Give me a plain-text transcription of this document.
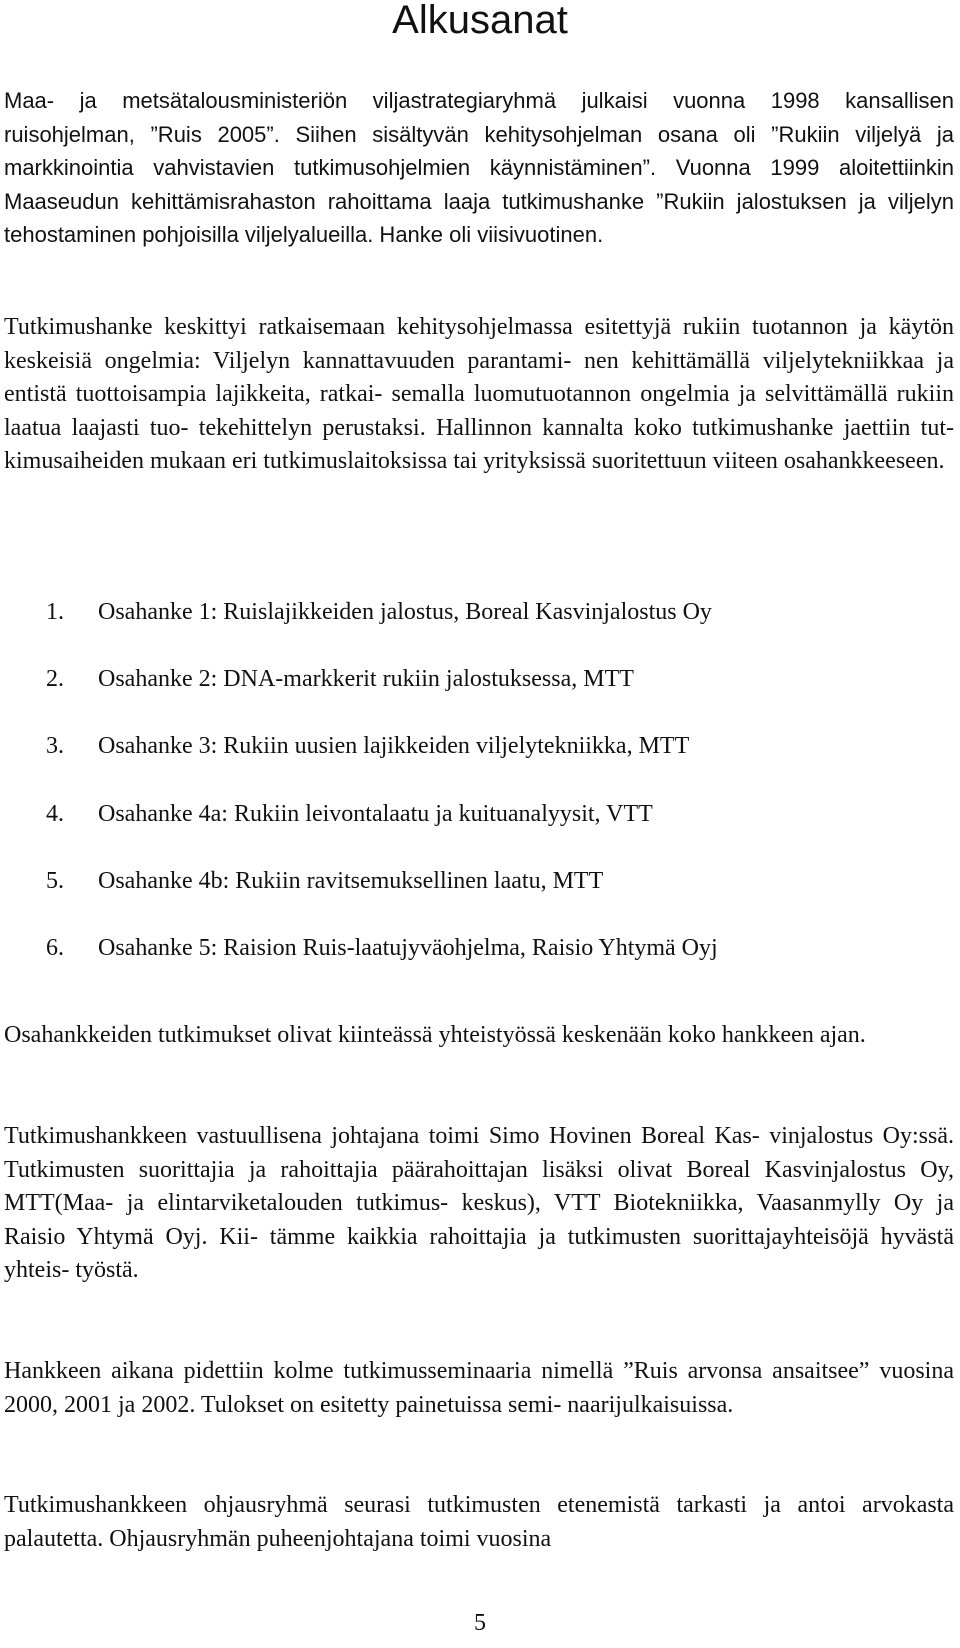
Alkusanat

Maa- ja metsätalousministeriön viljastrategiaryhmä julkaisi vuonna 1998 kansallisen ruisohjelman, ”Ruis 2005”. Siihen sisältyvän kehitysohjelman osana oli ”Rukiin viljelyä ja markkinointia vahvistavien tutkimusohjelmien käynnistäminen”. Vuonna 1999 aloitettiinkin Maaseudun kehittämisrahaston rahoittama laaja tutkimushanke ”Rukiin jalostuksen ja viljelyn tehostaminen pohjoisilla viljelyalueilla. Hanke oli viisivuotinen.

Tutkimushanke keskittyi ratkaisemaan kehitysohjelmassa esitettyjä rukiin tuotannon ja käytön keskeisiä ongelmia: Viljelyn kannattavuuden parantami- nen kehittämällä viljelytekniikkaa ja entistä tuottoisampia lajikkeita, ratkai- semalla luomutuotannon ongelmia ja selvittämällä rukiin laatua laajasti tuo- tekehittelyn perustaksi. Hallinnon kannalta koko tutkimushanke jaettiin tut- kimusaiheiden mukaan eri tutkimuslaitoksissa tai yrityksissä suoritettuun viiteen osahankkeeseen.

1. Osahanke 1: Ruislajikkeiden jalostus, Boreal Kasvinjalostus Oy
2. Osahanke 2: DNA-markkerit rukiin jalostuksessa, MTT
3. Osahanke 3: Rukiin uusien lajikkeiden viljelytekniikka, MTT
4. Osahanke 4a: Rukiin leivontalaatu ja kuituanalyysit, VTT
5. Osahanke 4b: Rukiin ravitsemuksellinen laatu, MTT
6. Osahanke 5: Raision Ruis-laatujyväohjelma, Raisio Yhtymä Oyj

Osahankkeiden tutkimukset olivat kiinteässä yhteistyössä keskenään koko hankkeen ajan.

Tutkimushankkeen vastuullisena johtajana toimi Simo Hovinen Boreal Kas- vinjalostus Oy:ssä. Tutkimusten suorittajia ja rahoittajia päärahoittajan lisäksi olivat Boreal Kasvinjalostus Oy, MTT(Maa- ja elintarviketalouden tutkimus- keskus), VTT Biotekniikka, Vaasanmylly Oy ja Raisio Yhtymä Oyj. Kii- tämme kaikkia rahoittajia ja tutkimusten suorittajayhteisöjä hyvästä yhteis- työstä.

Hankkeen aikana pidettiin kolme tutkimusseminaaria nimellä ”Ruis arvonsa ansaitsee” vuosina 2000, 2001 ja 2002. Tulokset on esitetty painetuissa semi- naarijulkaisuissa.

Tutkimushankkeen ohjausryhmä seurasi tutkimusten etenemistä tarkasti ja antoi arvokasta palautetta. Ohjausryhmän puheenjohtajana toimi vuosina

5
